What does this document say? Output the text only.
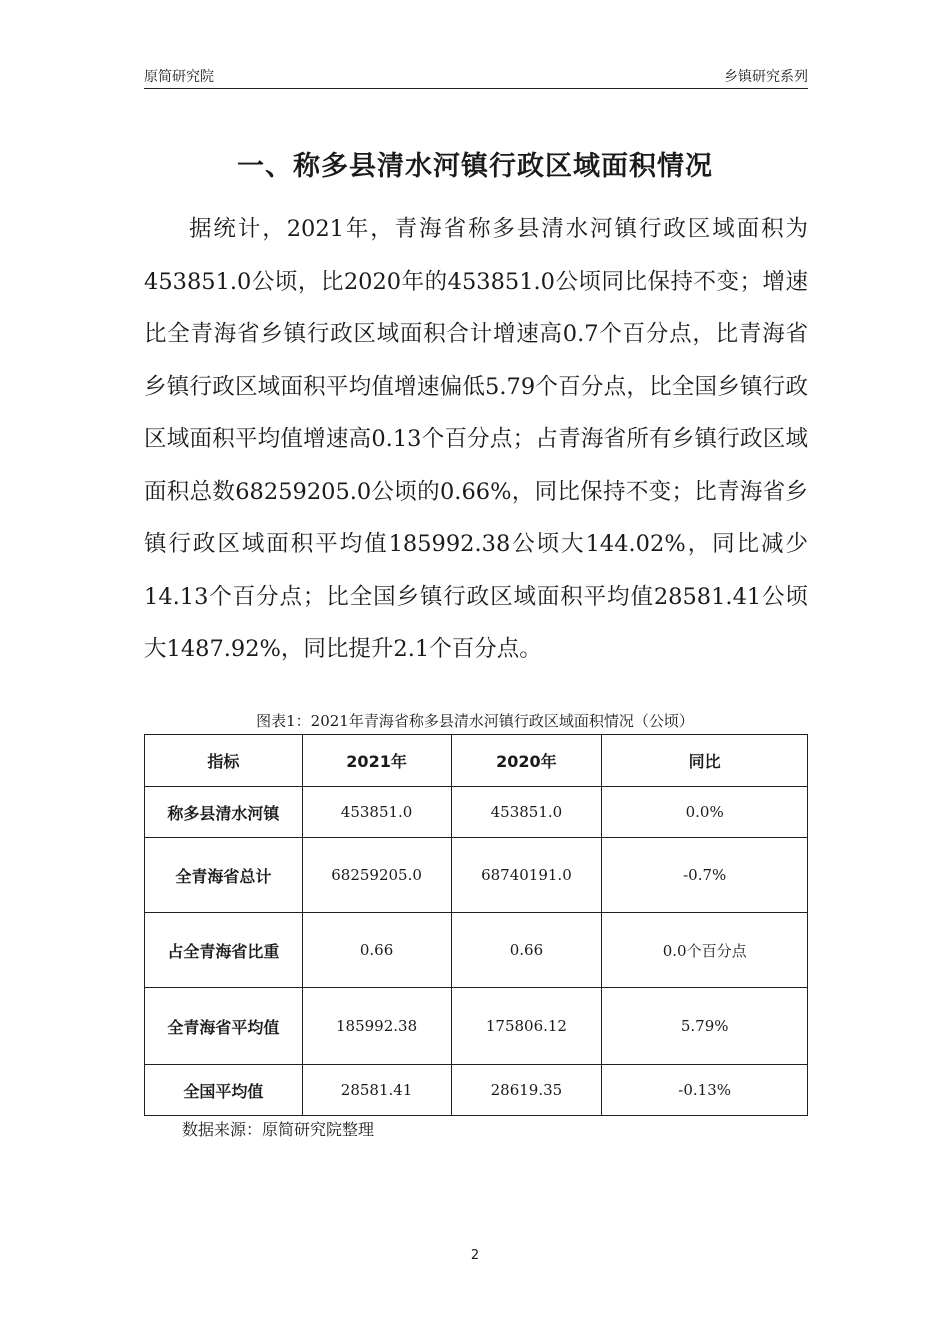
原简研究院	乡镇研究系列
一、称多县清水河镇行政区域面积情况

据统计，2021年，青海省称多县清水河镇行政区域面积为453851.0公顷，比2020年的453851.0公顷同比保持不变；增速比全青海省乡镇行政区域面积合计增速高0.7个百分点，比青海省乡镇行政区域面积平均值增速偏低5.79个百分点，比全国乡镇行政区域面积平均值增速高0.13个百分点；占青海省所有乡镇行政区域面积总数68259205.0公顷的0.66%，同比保持不变；比青海省乡镇行政区域面积平均值185992.38公顷大144.02%，同比减少14.13个百分点；比全国乡镇行政区域面积平均值28581.41公顷大1487.92%，同比提升2.1个百分点。

图表1：2021年青海省称多县清水河镇行政区域面积情况（公顷）
指标	2021年	2020年	同比
称多县清水河镇	453851.0	453851.0	0.0%
全青海省总计	68259205.0	68740191.0	-0.7%
占全青海省比重	0.66	0.66	0.0个百分点
全青海省平均值	185992.38	175806.12	5.79%
全国平均值	28581.41	28619.35	-0.13%
数据来源：原简研究院整理
2
